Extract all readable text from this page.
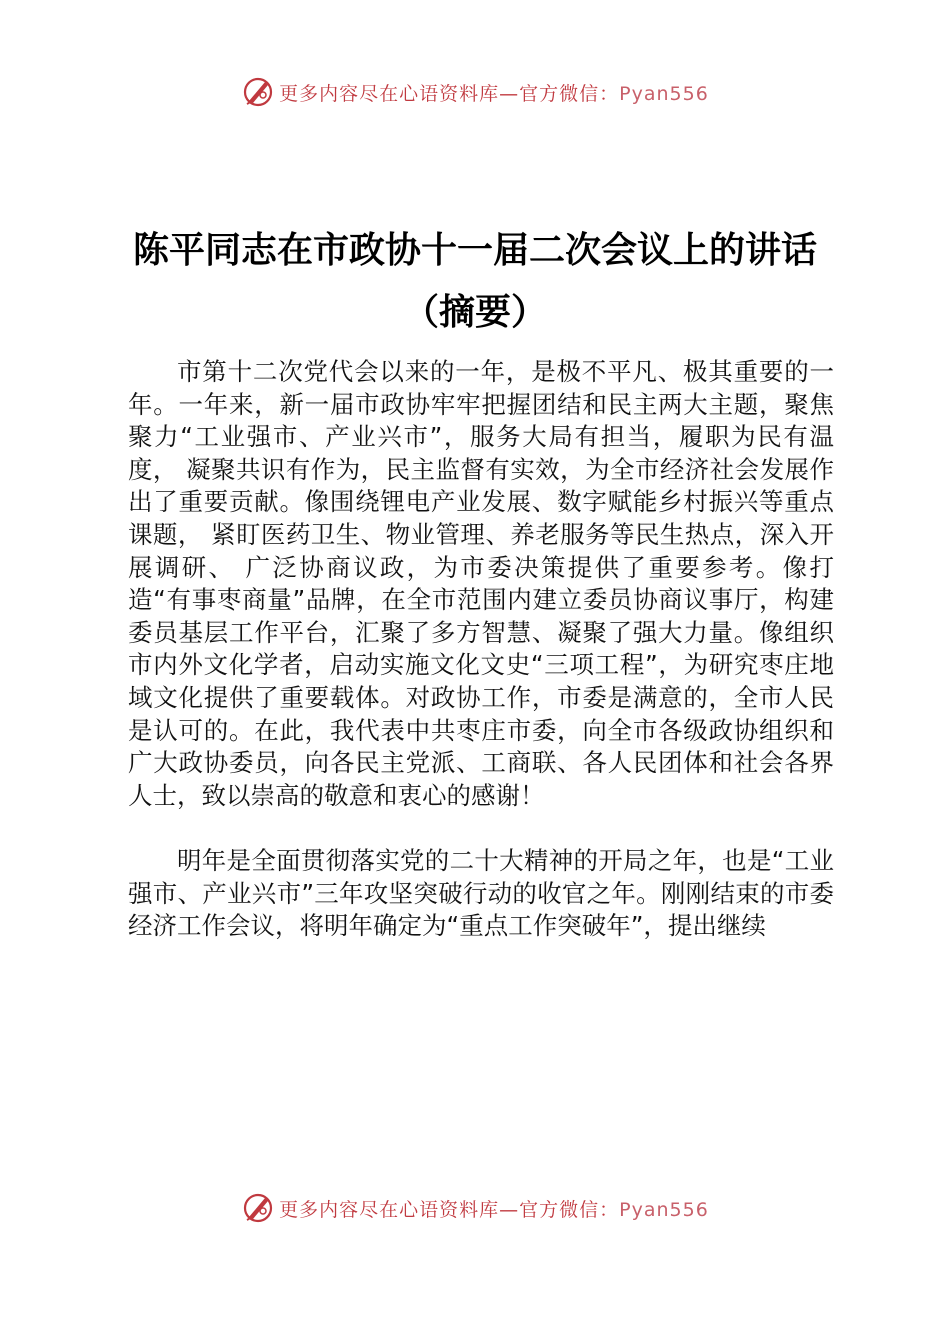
更多内容尽在心语资料库—官方微信：Pyan556
陈平同志在市政协十一届二次会议上的讲话
（摘要）

市第十二次党代会以来的一年，是极不平凡、极其重要的一年。一年来，新一届市政协牢牢把握团结和民主两大主题，聚焦聚力“工业强市、产业兴市”，服务大局有担当，履职为民有温度， 凝聚共识有作为，民主监督有实效，为全市经济社会发展作出了重要贡献。像围绕锂电产业发展、数字赋能乡村振兴等重点课题， 紧盯医药卫生、物业管理、养老服务等民生热点，深入开展调研、 广泛协商议政，为市委决策提供了重要参考。像打造“有事枣商量”品牌，在全市范围内建立委员协商议事厅，构建委员基层工作平台，汇聚了多方智慧、凝聚了强大力量。像组织市内外文化学者，启动实施文化文史“三项工程”，为研究枣庄地域文化提供了重要载体。对政协工作，市委是满意的，全市人民是认可的。在此，我代表中共枣庄市委，向全市各级政协组织和广大政协委员，向各民主党派、工商联、各人民团体和社会各界人士，致以崇高的敬意和衷心的感谢！

明年是全面贯彻落实党的二十大精神的开局之年，也是“工业强市、产业兴市”三年攻坚突破行动的收官之年。刚刚结束的市委经济工作会议，将明年确定为“重点工作突破年”，提出继续

更多内容尽在心语资料库—官方微信：Pyan556
